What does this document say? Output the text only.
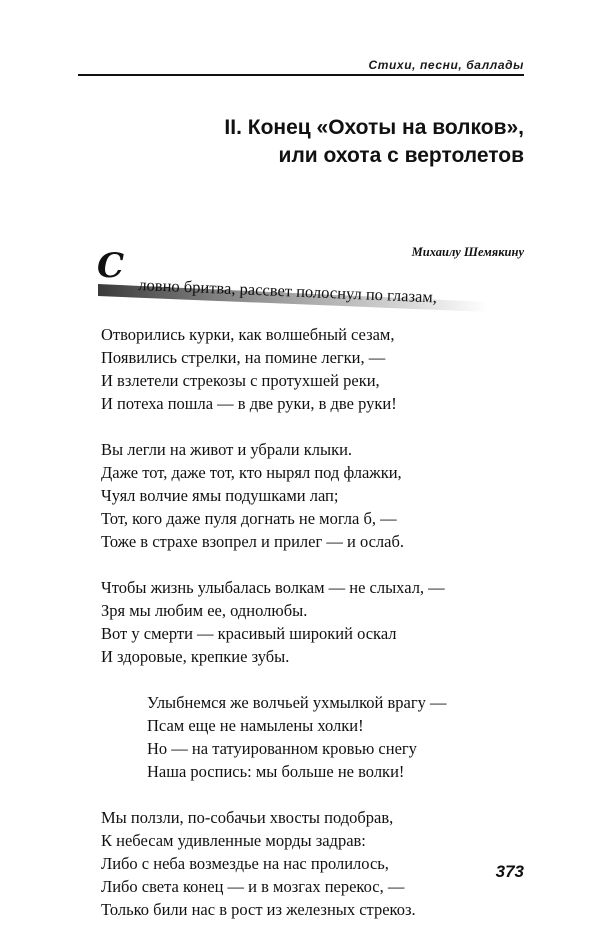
Стихи, песни, баллады
II. Конец «Охоты на волков»,
или охота с вертолетов
Михаилу Шемякину
С
ловно бритва, рассвет полоснул по глазам,
Отворились курки, как волшебный сезам,
Появились стрелки, на помине легки, —
И взлетели стрекозы с протухшей реки,
И потеха пошла — в две руки, в две руки!
Вы легли на живот и убрали клыки.
Даже тот, даже тот, кто нырял под флажки,
Чуял волчие ямы подушками лап;
Тот, кого даже пуля догнать не могла б, —
Тоже в страхе взопрел и прилег — и ослаб.
Чтобы жизнь улыбалась волкам — не слыхал, —
Зря мы любим ее, однолюбы.
Вот у смерти — красивый широкий оскал
И здоровые, крепкие зубы.
Улыбнемся же волчьей ухмылкой врагу —
Псам еще не намылены холки!
Но — на татуированном кровью снегу
Наша роспись: мы больше не волки!
Мы ползли, по-собачьи хвосты подобрав,
К небесам удивленные морды задрав:
Либо с неба возмездье на нас пролилось,
Либо света конец — и в мозгах перекос, —
Только били нас в рост из железных стрекоз.
373
